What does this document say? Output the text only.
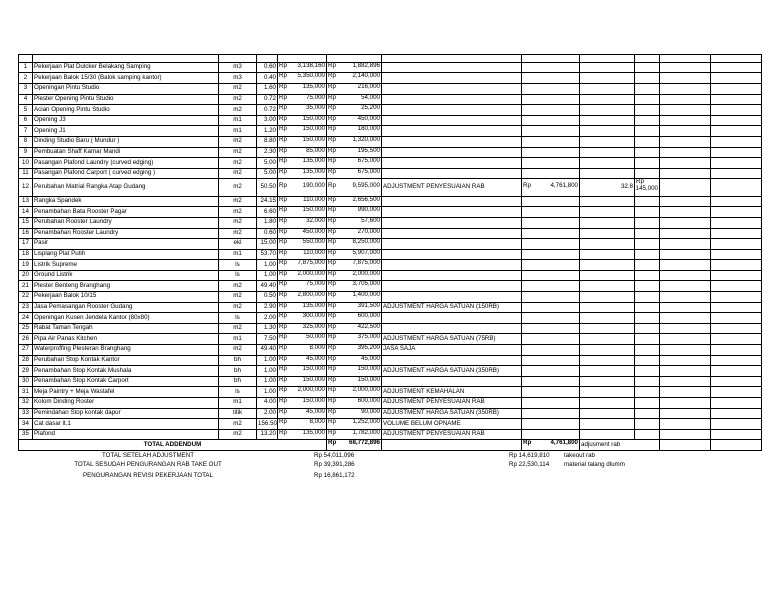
1	Pekerjaan Plat Dulcker Belakang Samping	m3	0.60	Rp 3,138,160	Rp 1,882,896						

2	Pekerjaan Balok 15/30 (Balok samping kantor)	m3	0.40	Rp 5,350,000	Rp 2,140,000						

3	Openingan Pintu Studio	m2	1.60	Rp 135,000	Rp 216,000						

4	Plester Opening Pintu Studio	m2	0.72	Rp 75,000	Rp 54,000						

5	Acian Opening Pintu Studio	m2	0.72	Rp 35,000	Rp 25,200						

6	Opening J3	m1	3.00	Rp 150,000	Rp 450,000						

7	Opening J1	m1	1.20	Rp 150,000	Rp 180,000						

8	Dinding Studio Baru ( Mundur )	m2	8.80	Rp 150,000	Rp 1,320,000						

9	Pembuatan Shaff Kamar Mandi	m2	2.30	Rp 85,000	Rp 195,500						

10	Pasangan Plafond Laundry (curved edging)	m2	5.00	Rp 135,000	Rp 675,000						

11	Pasangan Plafond Carport ( curved edging )	m2	5.00	Rp 135,000	Rp 675,000						

12	Perubahan Matrial Rangka Atap Gudang	m2	50.50	Rp 190,000	Rp 9,595,000	ADJUSTMENT PENYESUAIAN RAB	Rp 4,761,800	32.8	Rp
145,000		

13	Rangka Spandek	m2	24.15	Rp 110,000	Rp 2,656,500						

14	Penambahan Bata Rooster Pagar	m2	6.60	Rp 150,000	Rp 990,000						

15	Perubahan Rooster Laundry	m2	1.80	Rp 32,000	Rp 57,600						

16	Penambahan Rooster Laundry	m2	0.60	Rp 450,000	Rp 270,000						

17	Pasir	ekl	15.00	Rp 550,000	Rp 8,250,000						

18	Lisplang Plat Putih	m1	53.70	Rp 110,000	Rp 5,907,000						

19	Listrik Supreme	ls	1.00	Rp 7,875,000	Rp 7,875,000						

20	Ground Listrik	ls	1.00	Rp 2,000,000	Rp 2,000,000						

21	Plester Benteng Branghang	m2	49.40	Rp 75,000	Rp 3,705,000						

22	Pekerjaan Balok 10/15	m2	0.50	Rp 2,800,000	Rp 1,400,000						

23	Jasa Pemasangan Rooster Gudang	m2	2.90	Rp 135,000	Rp 391,500	ADJUSTMENT HARGA SATUAN (150RB)					
24	Openingan Kusen Jendela Kantor (80x80)	ls	2.00	Rp 300,000	Rp 600,000						

25	Rabat Taman Tengah	m2	1.30	Rp 325,000	Rp 422,500						

26	Pipa Air Panas Kitchen	m1	7.50	Rp 50,000	Rp 375,000	ADJUSTMENT HARGA SATUAN (75RB)					
27	Waterproffing Plesteran Branghang	m2	49.40	Rp 8,000	Rp 395,200	JASA SAJA					
28	Perubahan Stop Kontak Kantor	bh	1.00	Rp 45,000	Rp 45,000						

29	Penambahan Stop Kontak Mushala	bh	1.00	Rp 150,000	Rp 150,000	ADJUSTMENT HARGA SATUAN (350RB)					
30	Penambahan Stop Kontak Carport	bh	1.00	Rp 150,000	Rp 150,000						

31	Meja Paintry + Meja Wastafel	ls	1.00	Rp 2,000,000	Rp 2,000,000	ADJUSTMENT KEMAHALAN					
32	Kolom Dinding Roster	m1	4.00	Rp 150,000	Rp 600,000	ADJUSTMENT PENYESUAIAN RAB					
33	Pemindahan Stop kontak dapur	titik	2.00	Rp 45,000	Rp 90,000	ADJUSTMENT HARGA SATUAN (350RB)					
34	Cat dasar lt.1	m2	156.50	Rp 8,000	Rp 1,252,000	VOLUME BELUM OPNAME					
35	Plafond	m2	13.20	Rp 135,000	Rp 1,782,000	ADJUSTMENT PENYESUAIAN RAB					
TOTAL ADDENDUM					Rp 68,772,896		Rp 4,761,800	adjusment rab			
TOTAL SETELAH ADJUSTMENT	Rp 54,011,096	Rp 14,619,810 takeout rab
TOTAL SESUDAH PENGURANGAN RAB TAKE OUT	Rp 39,391,286	Rp 22,530,114 material talang dlumm
PENGURANGAN REVISI PEKERJAAN TOTAL	Rp 16,861,172
